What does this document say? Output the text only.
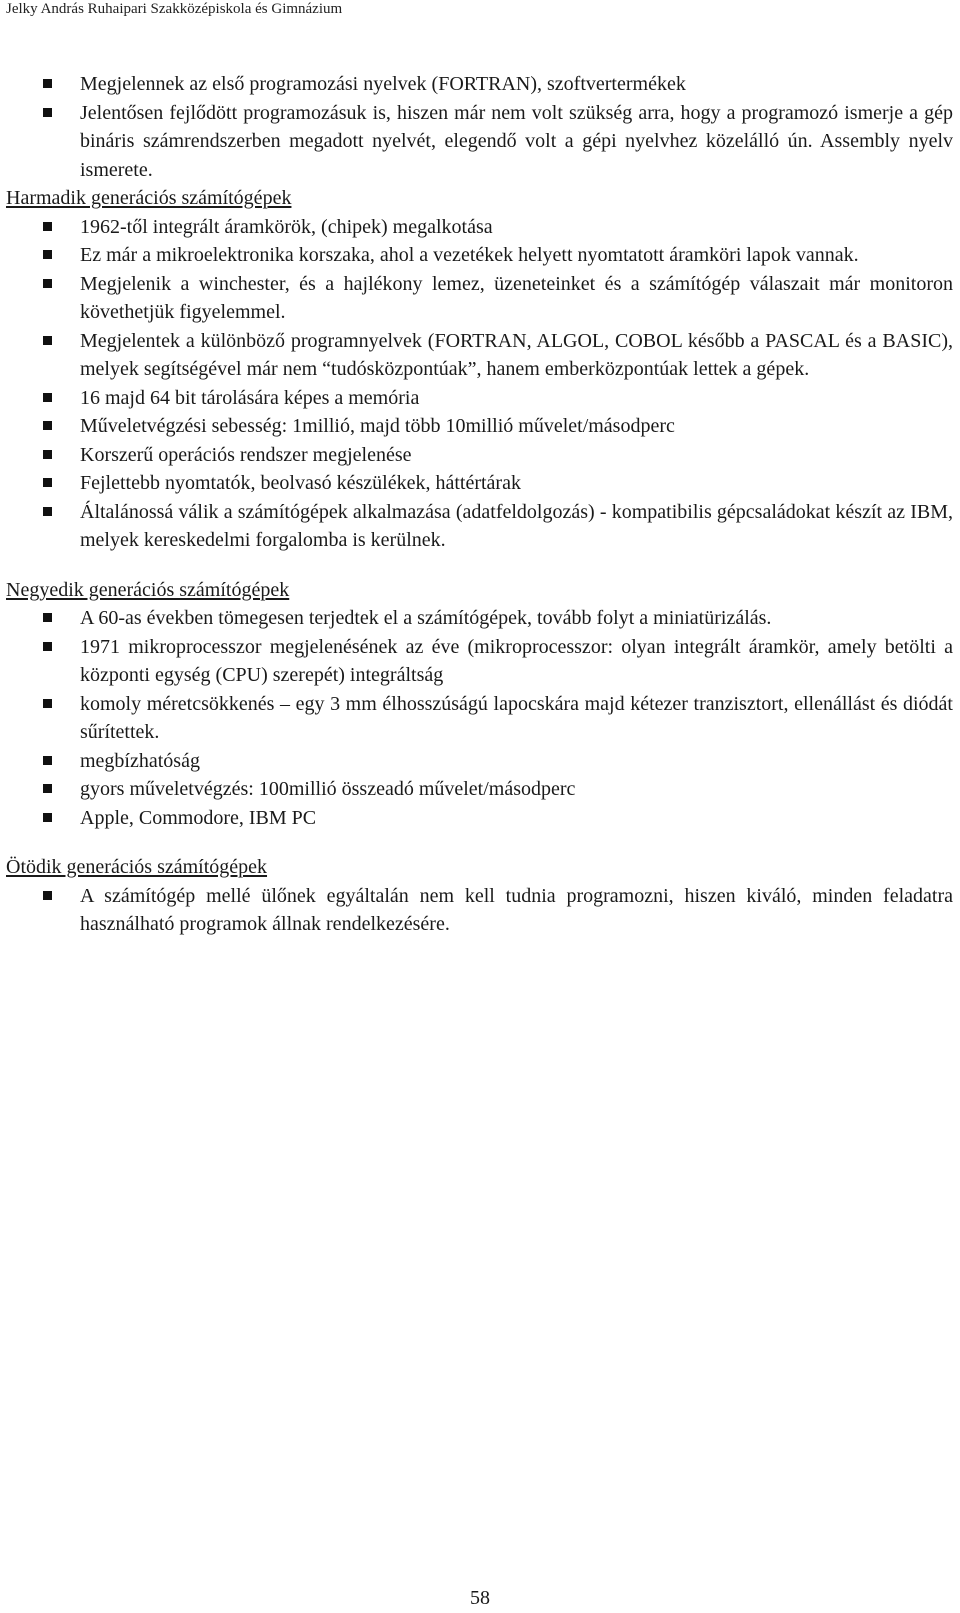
Jelky András Ruhaipari Szakközépiskola és Gimnázium
Megjelennek az első programozási nyelvek (FORTRAN), szoftvertermékek
Jelentősen fejlődött programozásuk is, hiszen már nem volt szükség arra, hogy a programozó ismerje a gép bináris számrendszerben megadott nyelvét, elegendő volt a gépi nyelvhez közelálló ún. Assembly nyelv ismerete.

Harmadik generációs számítógépek

1962-től integrált áramkörök, (chipek) megalkotása
Ez már a mikroelektronika korszaka, ahol a vezetékek helyett nyomtatott áramköri lapok vannak.
Megjelenik a winchester, és a hajlékony lemez, üzeneteinket és a számítógép válaszait már monitoron követhetjük figyelemmel.
Megjelentek a különböző programnyelvek (FORTRAN, ALGOL, COBOL később a PASCAL és a BASIC), melyek segítségével már nem “tudósközpontúak”, hanem emberközpontúak lettek a gépek.
16 majd 64 bit tárolására képes a memória
Műveletvégzési sebesség: 1millió, majd több 10millió művelet/másodperc
Korszerű operációs rendszer megjelenése
Fejlettebb nyomtatók, beolvasó készülékek, háttértárak
Általánossá válik a számítógépek alkalmazása (adatfeldolgozás) - kompatibilis gépcsaládokat készít az IBM, melyek kereskedelmi forgalomba is kerülnek.

Negyedik generációs számítógépek

A 60-as években tömegesen terjedtek el a számítógépek, tovább folyt a miniatürizálás.
1971 mikroprocesszor megjelenésének az éve (mikroprocesszor: olyan integrált áramkör, amely betölti a központi egység (CPU) szerepét) integráltság
komoly méretcsökkenés – egy 3 mm élhosszúságú lapocskára majd kétezer tranzisztort, ellenállást és diódát sűrítettek.
megbízhatóság
gyors műveletvégzés: 100millió összeadó művelet/másodperc
Apple, Commodore, IBM PC

Ötödik generációs számítógépek

A számítógép mellé ülőnek egyáltalán nem kell tudnia programozni, hiszen kiváló, minden feladatra használható programok állnak rendelkezésére.
58
